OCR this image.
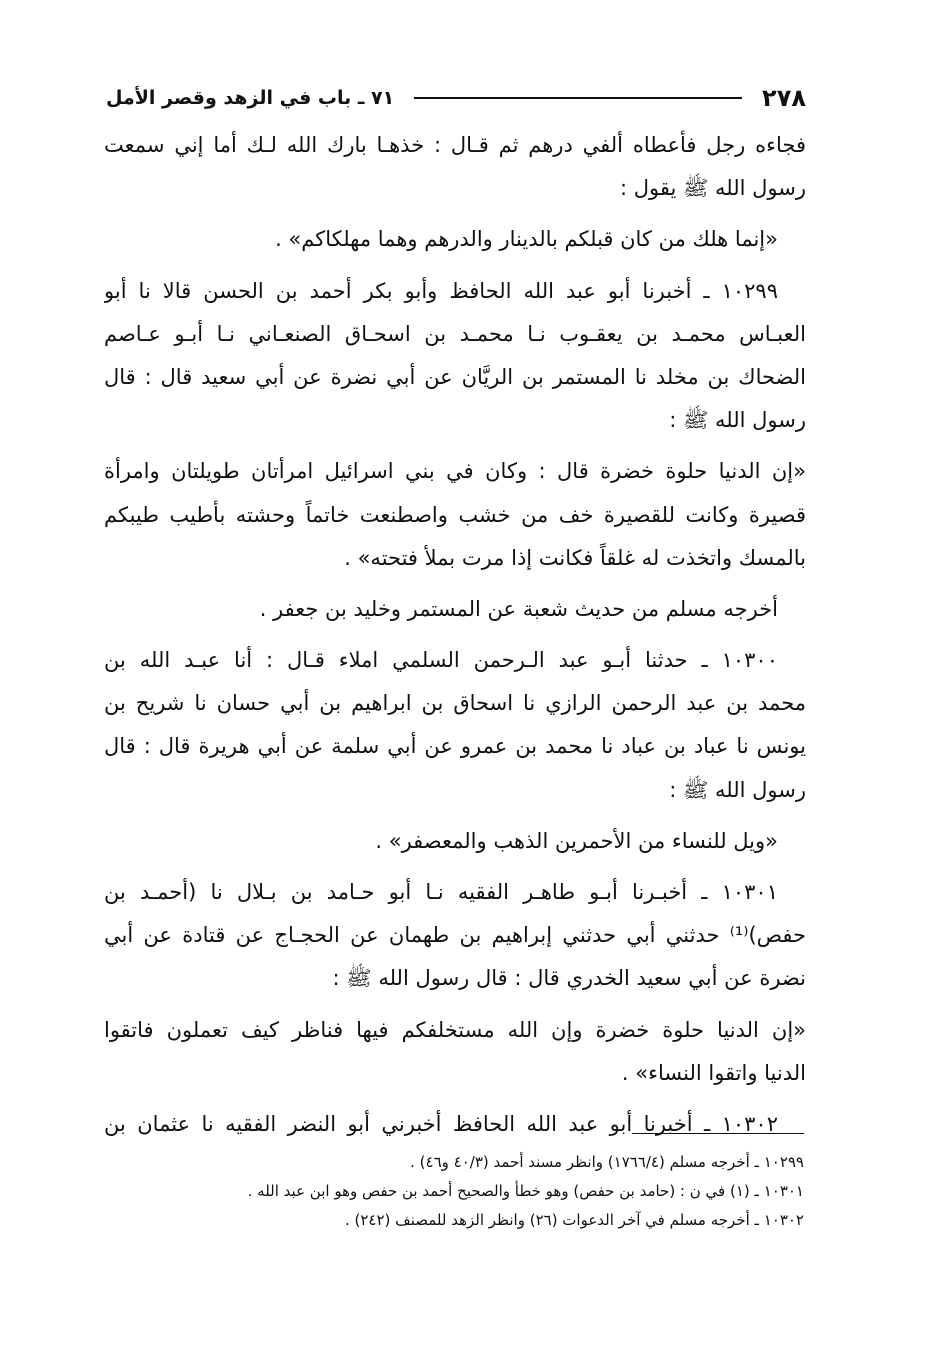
٢٧٨
٧١ ـ باب في الزهد وقصر الأمل
فجاءه رجل فأعطاه ألفي درهم ثم قـال : خذهـا بارك الله لـك أما إني سمعت
رسول الله ﷺ يقول :
«إنما هلك من كان قبلكم بالدينار والدرهم وهما مهلكاكم» .
١٠٢٩٩ ـ أخبرنا أبو عبد الله الحافظ وأبو بكر أحمد بن الحسن قالا نا أبو
العبـاس محمـد بن يعقـوب نـا محمـد بن اسحـاق الصنعـاني نـا أبـو عـاصم
الضحاك بن مخلد نا المستمر بن الريَّان عن أبي نضرة عن أبي سعيد قال : قال
رسول الله ﷺ :
«إن الدنيا حلوة خضرة قال : وكان في بني اسرائيل امرأتان طويلتان وامرأة
قصيرة وكانت للقصيرة خف من خشب واصطنعت خاتماً وحشته بأطيب طيبكم
بالمسك واتخذت له غلقاً فكانت إذا مرت بملأ فتحته» .
أخرجه مسلم من حديث شعبة عن المستمر وخليد بن جعفر .
١٠٣٠٠ ـ حدثنا أبـو عبد الـرحمن السلمي املاء قـال : أنا عبـد الله بن
محمد بن عبد الرحمن الرازي نا اسحاق بن ابراهيم بن أبي حسان نا شريح بن
يونس نا عباد بن عباد نا محمد بن عمرو عن أبي سلمة عن أبي هريرة قال : قال
رسول الله ﷺ :
«ويل للنساء من الأحمرين الذهب والمعصفر» .
١٠٣٠١ ـ أخبـرنا أبـو طاهـر الفقيه نـا أبو حـامد بن بـلال نا (أحمـد بن
حفص)⁽¹⁾ حدثني أبي حدثني إبراهيم بن طهمان عن الحجـاج عن قتادة عن أبي
نضرة عن أبي سعيد الخدري قال : قال رسول الله ﷺ :
«إن الدنيا حلوة خضرة وإن الله مستخلفكم فيها فناظر كيف تعملون فاتقوا
الدنيا واتقوا النساء» .
١٠٣٠٢ ـ أخبرنا أبو عبد الله الحافظ أخبرني أبو النضر الفقيه نا عثمان بن
١٠٢٩٩ ـ أخرجه مسلم (١٧٦٦/٤) وانظر مسند أحمد (٤٠/٣ و٤٦) .
١٠٣٠١ ـ (١) في ن : (حامد بن حفص) وهو خطأ والصحيح أحمد بن حفص وهو ابن عبد الله .
١٠٣٠٢ ـ أخرجه مسلم في آخر الدعوات (٢٦) وانظر الزهد للمصنف (٢٤٢) .
